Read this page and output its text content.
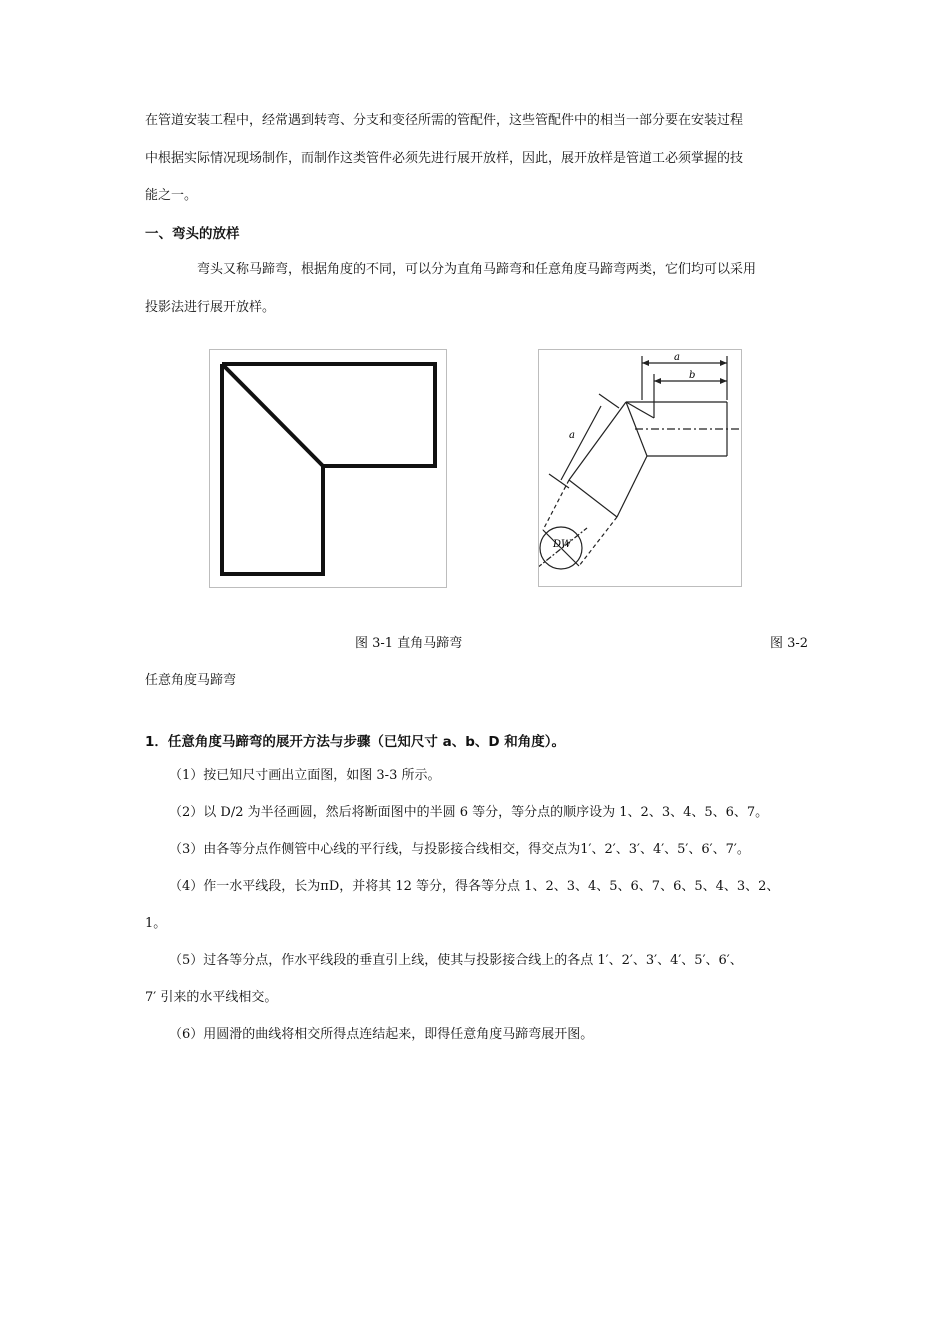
在管道安装工程中，经常遇到转弯、分支和变径所需的管配件，这些管配件中的相当一部分要在安装过程

中根据实际情况现场制作，而制作这类管件必须先进行展开放样，因此，展开放样是管道工必须掌握的技

能之一。

一、弯头的放样

弯头又称马蹄弯，根据角度的不同，可以分为直角马蹄弯和任意角度马蹄弯两类，它们均可以采用

投影法进行展开放样。

a
b
a
DW
图 3-1 直角马蹄弯	图 3-2
任意角度马蹄弯

1．任意角度马蹄弯的展开方法与步骤（已知尺寸 a、b、D 和角度）。

（1）按已知尺寸画出立面图，如图 3-3 所示。

（2）以 D/2 为半径画圆，然后将断面图中的半圆 6 等分，等分点的顺序设为 1、2、3、4、5、6、7。

（3）由各等分点作侧管中心线的平行线，与投影接合线相交，得交点为1′、2′、3′、4′、5′、6′、7′。

（4）作一水平线段，长为πD，并将其 12 等分，得各等分点 1、2、3、4、5、6、7、6、5、4、3、2、

1。

（5）过各等分点，作水平线段的垂直引上线，使其与投影接合线上的各点 1′、2′、3′、4′、5′、6′、

7′ 引来的水平线相交。

（6）用圆滑的曲线将相交所得点连结起来，即得任意角度马蹄弯展开图。
